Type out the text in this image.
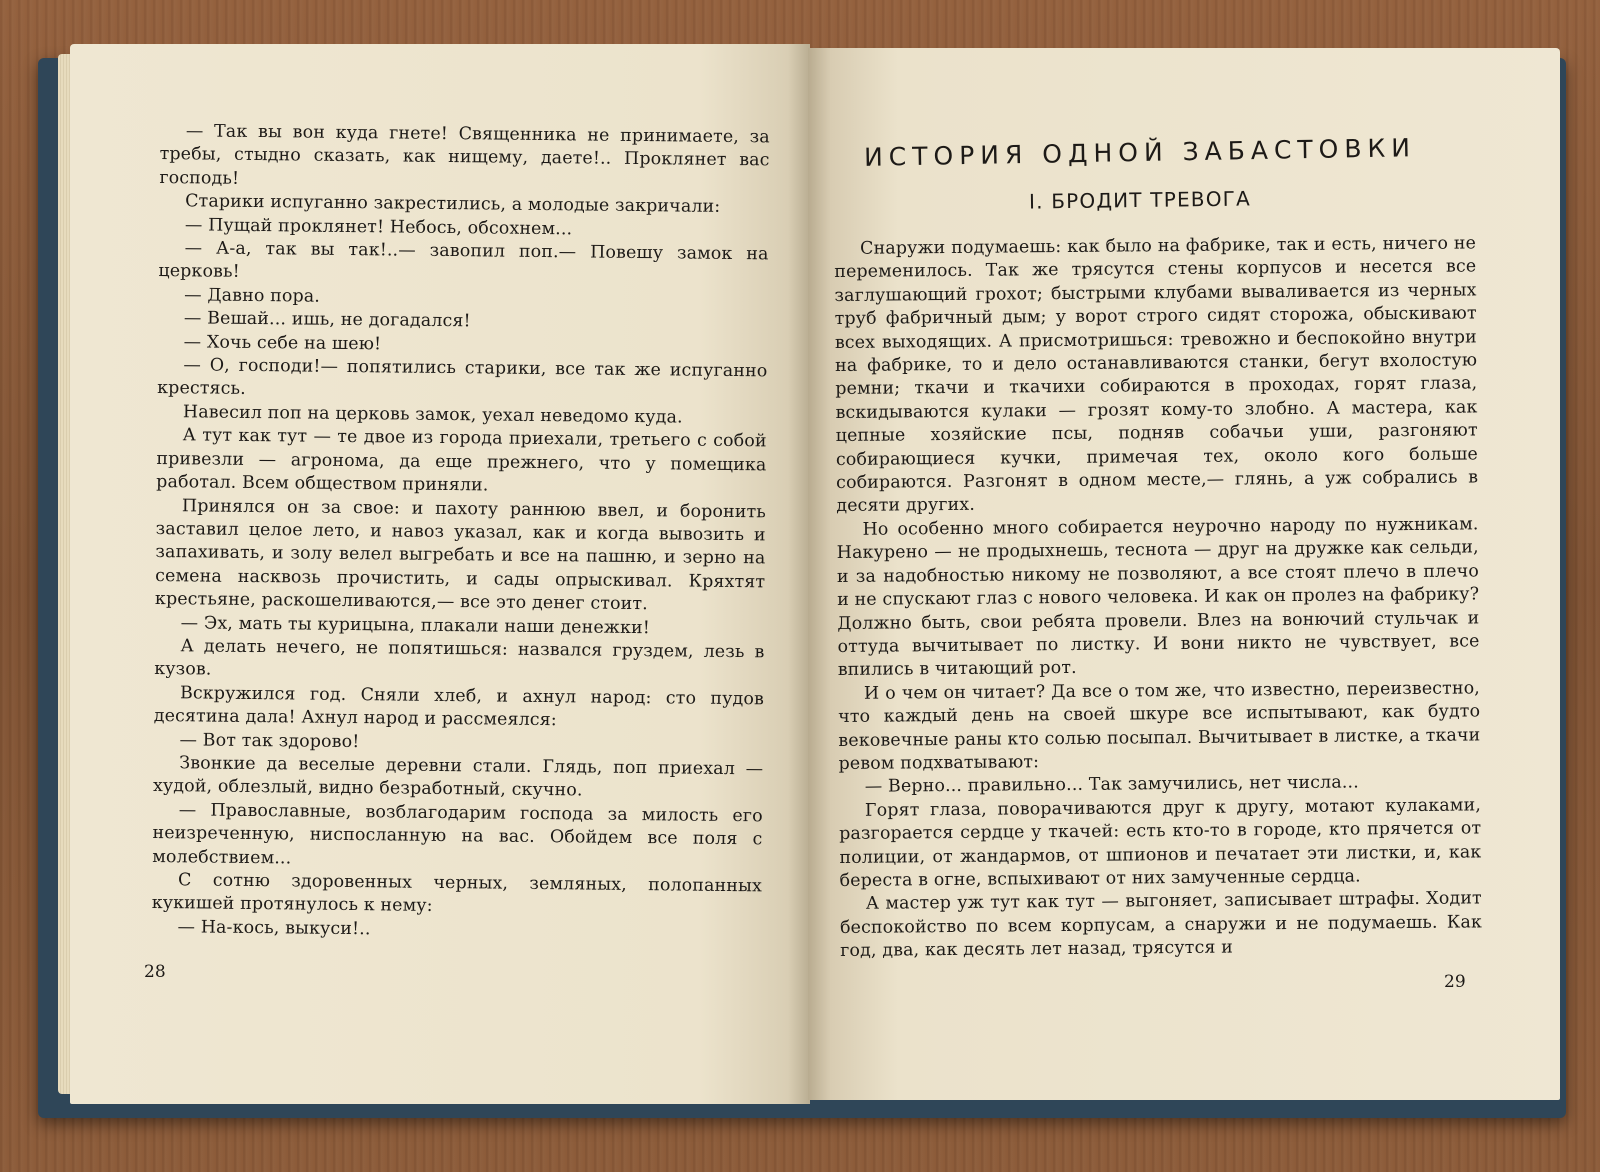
— Так вы вон куда гнете! Священника не принимаете, за требы, стыдно сказать, как нищему, даете!.. Проклянет вас господь!

Старики испуганно закрестились, а молодые закричали:

— Пущай проклянет! Небось, обсохнем...

— А-а, так вы так!..— завопил поп.— Повешу замок на церковь!

— Давно пора.

— Вешай... ишь, не догадался!

— Хочь себе на шею!

— О, господи!— попятились старики, все так же испуганно крестясь.

Навесил поп на церковь замок, уехал неведомо куда.

А тут как тут — те двое из города приехали, третьего с собой привезли — агронома, да еще прежнего, что у помещика работал. Всем обществом приняли.

Принялся он за свое: и пахоту раннюю ввел, и боронить заставил целое лето, и навоз указал, как и когда вывозить и запахивать, и золу велел выгребать и все на пашню, и зерно на семена насквозь прочистить, и сады опрыскивал. Кряхтят крестьяне, раскошеливаются,— все это денег стоит.

— Эх, мать ты курицына, плакали наши денежки!

А делать нечего, не попятишься: назвался груздем, лезь в кузов.

Вскружился год. Сняли хлеб, и ахнул народ: сто пудов десятина дала! Ахнул народ и рассмеялся:

— Вот так здорово!

Звонкие да веселые деревни стали. Глядь, поп приехал — худой, облезлый, видно безработный, скучно.

— Православные, возблагодарим господа за милость его неизреченную, ниспосланную на вас. Обойдем все поля с молебствием...

С сотню здоровенных черных, земляных, полопанных кукишей протянулось к нему:

— На-кось, выкуси!..

28
ИСТОРИЯ ОДНОЙ ЗАБАСТОВКИ
I. БРОДИТ ТРЕВОГА

Снаружи подумаешь: как было на фабрике, так и есть, ничего не переменилось. Так же трясутся стены корпусов и несется все заглушающий грохот; быстрыми клубами вываливается из черных труб фабричный дым; у ворот строго сидят сторожа, обыскивают всех выходящих. А присмотришься: тревожно и беспокойно внутри на фабрике, то и дело останавливаются станки, бегут вхолостую ремни; ткачи и ткачихи собираются в проходах, горят глаза, вскидываются кулаки — грозят кому-то злобно. А мастера, как цепные хозяйские псы, подняв собачьи уши, разгоняют собирающиеся кучки, примечая тех, около кого больше собираются. Разгонят в одном месте,— глянь, а уж собрались в десяти других.

Но особенно много собирается неурочно народу по нужникам. Накурено — не продыхнешь, теснота — друг на дружке как сельди, и за надобностью никому не позволяют, а все стоят плечо в плечо и не спускают глаз с нового человека. И как он пролез на фабрику? Должно быть, свои ребята провели. Влез на вонючий стульчак и оттуда вычитывает по листку. И вони никто не чувствует, все впились в читающий рот.

И о чем он читает? Да все о том же, что известно, переизвестно, что каждый день на своей шкуре все испытывают, как будто вековечные раны кто солью посыпал. Вычитывает в листке, а ткачи ревом подхватывают:

— Верно... правильно... Так замучились, нет числа...

Горят глаза, поворачиваются друг к другу, мотают кулаками, разгорается сердце у ткачей: есть кто-то в городе, кто прячется от полиции, от жандармов, от шпионов и печатает эти листки, и, как береста в огне, вспыхивают от них замученные сердца.

А мастер уж тут как тут — выгоняет, записывает штрафы. Ходит беспокойство по всем корпусам, а снаружи и не подумаешь. Как год, два, как десять лет назад, трясутся и

29
